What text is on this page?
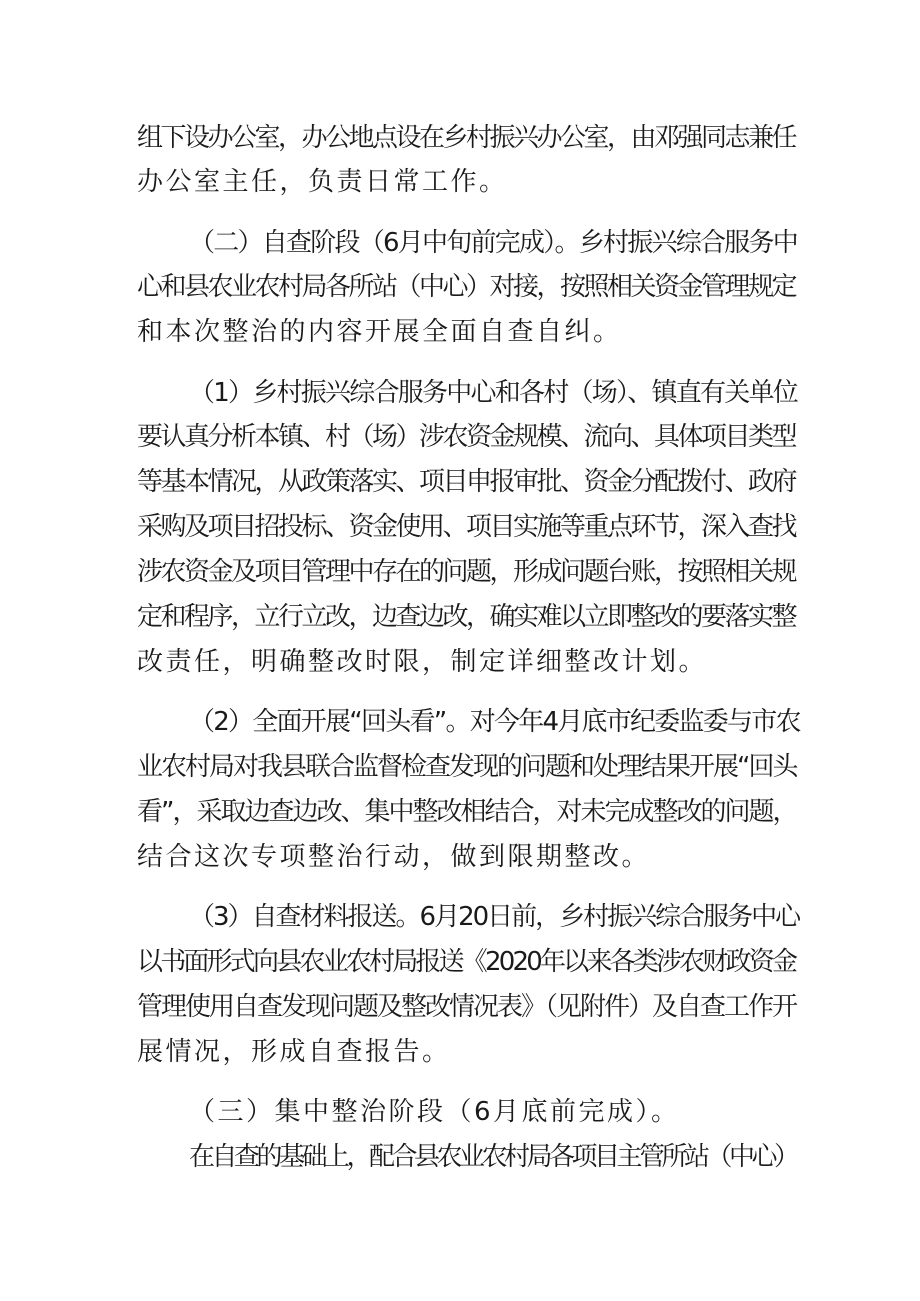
组下设办公室，办公地点设在乡村振兴办公室，由邓强同志兼任
办公室主任，负责日常工作。
（二）自查阶段（6月中旬前完成）。乡村振兴综合服务中
心和县农业农村局各所站（中心）对接，按照相关资金管理规定
和本次整治的内容开展全面自查自纠。
（1）乡村振兴综合服务中心和各村（场）、镇直有关单位
要认真分析本镇、村（场）涉农资金规模、流向、具体项目类型
等基本情况，从政策落实、项目申报审批、资金分配拨付、政府
采购及项目招投标、资金使用、项目实施等重点环节，深入查找
涉农资金及项目管理中存在的问题，形成问题台账，按照相关规
定和程序，立行立改，边查边改，确实难以立即整改的要落实整
改责任，明确整改时限，制定详细整改计划。
（2）全面开展“回头看”。对今年4月底市纪委监委与市农
业农村局对我县联合监督检查发现的问题和处理结果开展“回头
看”，采取边查边改、集中整改相结合，对未完成整改的问题，
结合这次专项整治行动，做到限期整改。
（3）自查材料报送。6月20日前，乡村振兴综合服务中心
以书面形式向县农业农村局报送《2020年以来各类涉农财政资金
管理使用自查发现问题及整改情况表》（见附件）及自查工作开
展情况，形成自查报告。
（三）集中整治阶段（6月底前完成）。
在自查的基础上，配合县农业农村局各项目主管所站（中心）
